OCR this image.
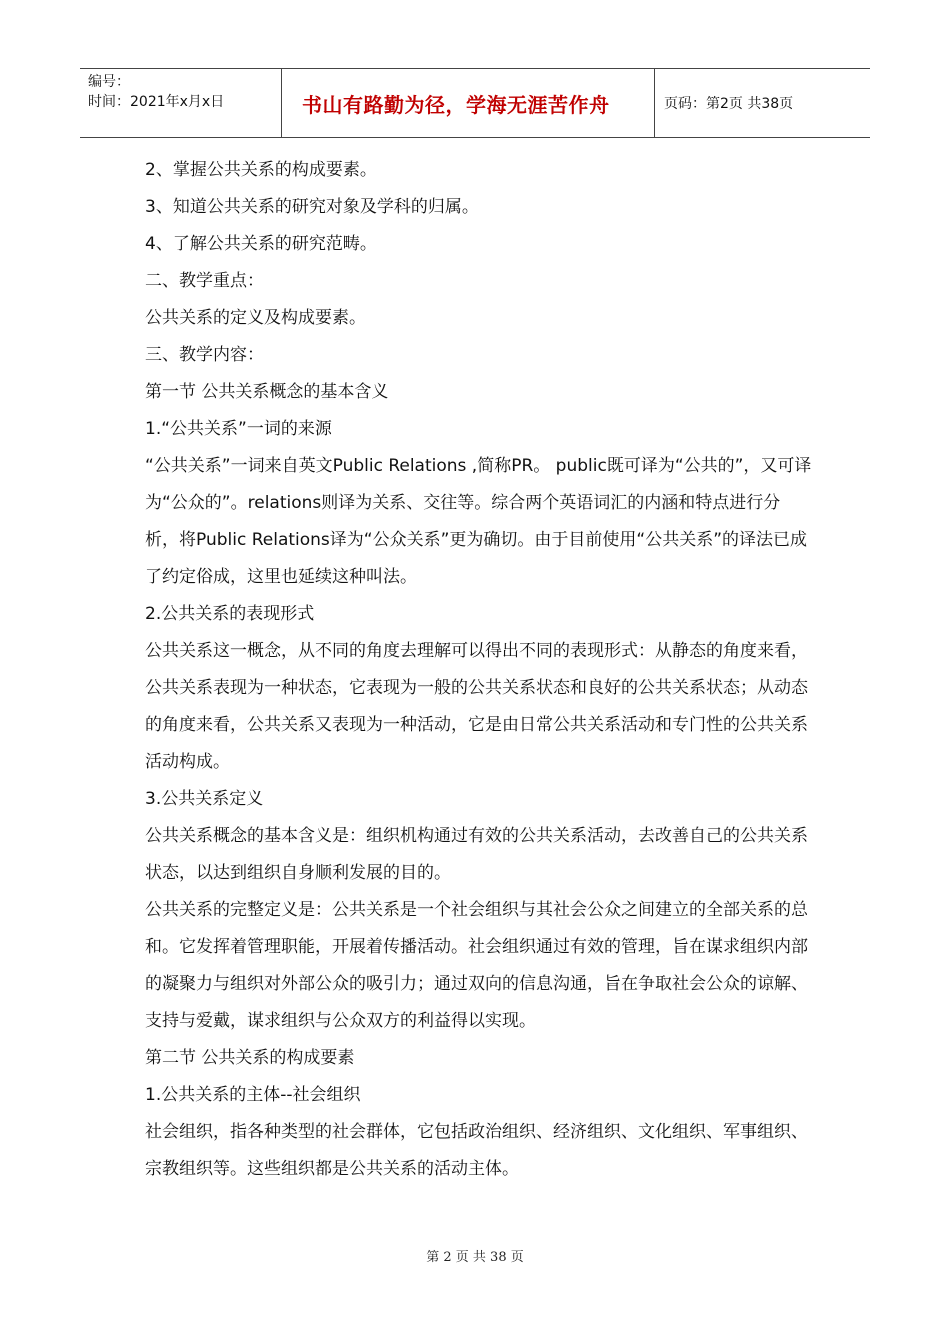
编号：
时间：2021年x月x日	书山有路勤为径，学海无涯苦作舟	页码：第2页 共38页

2、掌握公共关系的构成要素。

3、知道公共关系的研究对象及学科的归属。

4、了解公共关系的研究范畴。

二、教学重点：

公共关系的定义及构成要素。

三、教学内容：

第一节 公共关系概念的基本含义

1.“公共关系”一词的来源

“公共关系”一词来自英文Public Relations ,简称PR。 public既可译为“公共的”，又可译为“公众的”。relations则译为关系、交往等。综合两个英语词汇的内涵和特点进行分析，将Public Relations译为“公众关系”更为确切。由于目前使用“公共关系”的译法已成了约定俗成，这里也延续这种叫法。

2.公共关系的表现形式

公共关系这一概念，从不同的角度去理解可以得出不同的表现形式：从静态的角度来看，公共关系表现为一种状态，它表现为一般的公共关系状态和良好的公共关系状态；从动态的角度来看，公共关系又表现为一种活动，它是由日常公共关系活动和专门性的公共关系活动构成。

3.公共关系定义

公共关系概念的基本含义是：组织机构通过有效的公共关系活动，去改善自己的公共关系状态，以达到组织自身顺利发展的目的。

公共关系的完整定义是：公共关系是一个社会组织与其社会公众之间建立的全部关系的总和。它发挥着管理职能，开展着传播活动。社会组织通过有效的管理，旨在谋求组织内部的凝聚力与组织对外部公众的吸引力；通过双向的信息沟通，旨在争取社会公众的谅解、支持与爱戴，谋求组织与公众双方的利益得以实现。

第二节 公共关系的构成要素

1.公共关系的主体--社会组织

社会组织，指各种类型的社会群体，它包括政治组织、经济组织、文化组织、军事组织、宗教组织等。这些组织都是公共关系的活动主体。

第 2 页 共 38 页
